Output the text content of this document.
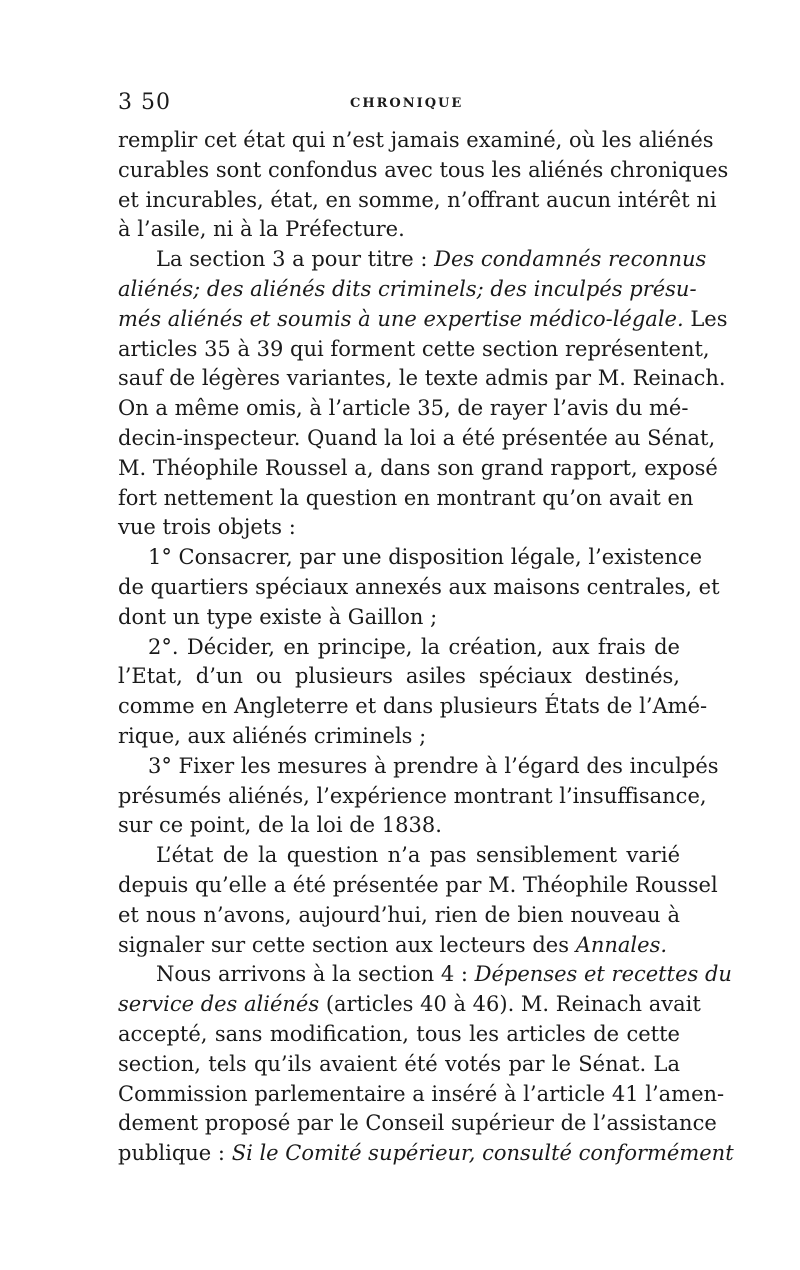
3 50	CHRONIQUE
remplir cet état qui n’est jamais examiné, où les aliénés
curables sont confondus avec tous les aliénés chroniques
et incurables, état, en somme, n’offrant aucun intérêt ni
à l’asile, ni à la Préfecture.
La section 3 a pour titre : Des condamnés reconnus
aliénés; des aliénés dits criminels; des inculpés présu-
més aliénés et soumis à une expertise médico-légale. Les
articles 35 à 39 qui forment cette section représentent,
sauf de légères variantes, le texte admis par M. Reinach.
On a même omis, à l’article 35, de rayer l’avis du mé-
decin-inspecteur. Quand la loi a été présentée au Sénat,
M. Théophile Roussel a, dans son grand rapport, exposé
fort nettement la question en montrant qu’on avait en
vue trois objets :
1° Consacrer, par une disposition légale, l’existence
de quartiers spéciaux annexés aux maisons centrales, et
dont un type existe à Gaillon ;
2°. Décider, en principe, la création, aux frais de
l’Etat, d’un ou plusieurs asiles spéciaux destinés,
comme en Angleterre et dans plusieurs États de l’Amé-
rique, aux aliénés criminels ;
3° Fixer les mesures à prendre à l’égard des inculpés
présumés aliénés, l’expérience montrant l’insuffisance,
sur ce point, de la loi de 1838.
L’état de la question n’a pas sensiblement varié
depuis qu’elle a été présentée par M. Théophile Roussel
et nous n’avons, aujourd’hui, rien de bien nouveau à
signaler sur cette section aux lecteurs des Annales.
Nous arrivons à la section 4 : Dépenses et recettes du
service des aliénés (articles 40 à 46). M. Reinach avait
accepté, sans modification, tous les articles de cette
section, tels qu’ils avaient été votés par le Sénat. La
Commission parlementaire a inséré à l’article 41 l’amen-
dement proposé par le Conseil supérieur de l’assistance
publique : Si le Comité supérieur, consulté conformément
